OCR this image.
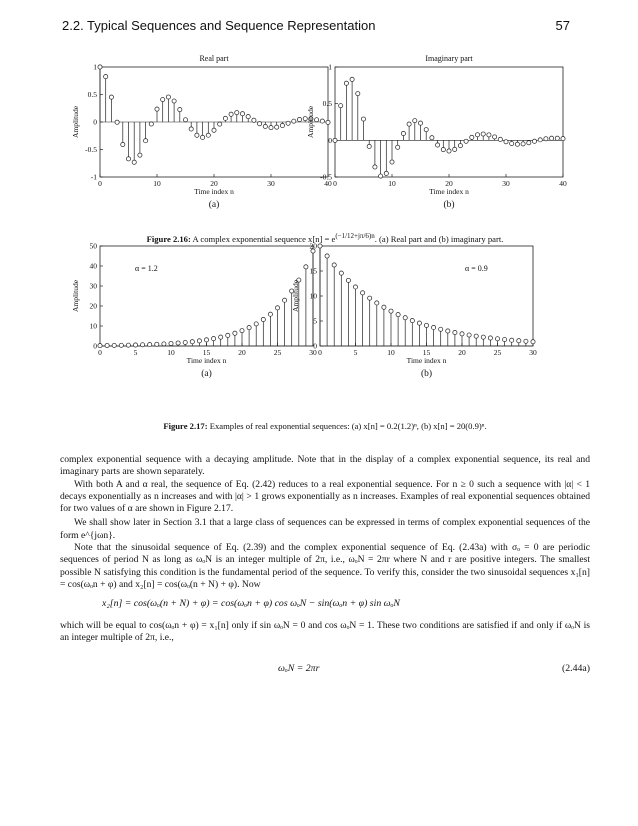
2.2. Typical Sequences and Sequence Representation	57
Real part
0	10	20	30	40
1
0.5
0
-0.5
-1
Time index n
Amplitude
(a)
Imaginary part
0	10	20	30	40
1
0.5
0
-0.5
Time index n
Amplitude
(b)
Figure 2.16: A complex exponential sequence $x[n] = e^{(-1/12+j\pi/6)n}$. (a) Real part and (b) imaginary part.
α = 1.2
0	5	10	15	20	25	30
50
40
30
20
10
0
Time index n
Amplitude
(a)
α = 0.9
0	5	10	15	20	25	30
20
15
10
5
0
Time index n
Amplitude
(b)
Figure 2.17: Examples of real exponential sequences: (a) x[n] = 0.2(1.2)ⁿ, (b) x[n] = 20(0.9)ⁿ.

complex exponential sequence with a decaying amplitude. Note that in the display of a complex exponential sequence, its real and imaginary parts are shown separately.

With both A and α real, the sequence of Eq. (2.42) reduces to a real exponential sequence. For n ≥ 0 such a sequence with |α| < 1 decays exponentially as n increases and with |α| > 1 grows exponentially as n increases. Examples of real exponential sequences obtained for two values of α are shown in Figure 2.17.

We shall show later in Section 3.1 that a large class of sequences can be expressed in terms of complex exponential sequences of the form e^{jωn}.

Note that the sinusoidal sequence of Eq. (2.39) and the complex exponential sequence of Eq. (2.43a) with σₒ = 0 are periodic sequences of period N as long as ωₒN is an integer multiple of 2π, i.e., ωₒN = 2πr where N and r are positive integers. The smallest possible N satisfying this condition is the fundamental period of the sequence. To verify this, consider the two sinusoidal sequences x₁[n] = cos(ωₒn + φ) and x₂[n] = cos(ωₒ(n + N) + φ). Now

x₂[n] = cos(ωₒ(n + N) + φ) = cos(ωₒn + φ) cos ωₒN − sin(ωₒn + φ) sin ωₒN
which will be equal to cos(ωₒn + φ) = x₁[n] only if sin ωₒN = 0 and cos ωₒN = 1. These two conditions are satisfied if and only if ωₒN is an integer multiple of 2π, i.e.,
ωₒN = 2πr	(2.44a)
